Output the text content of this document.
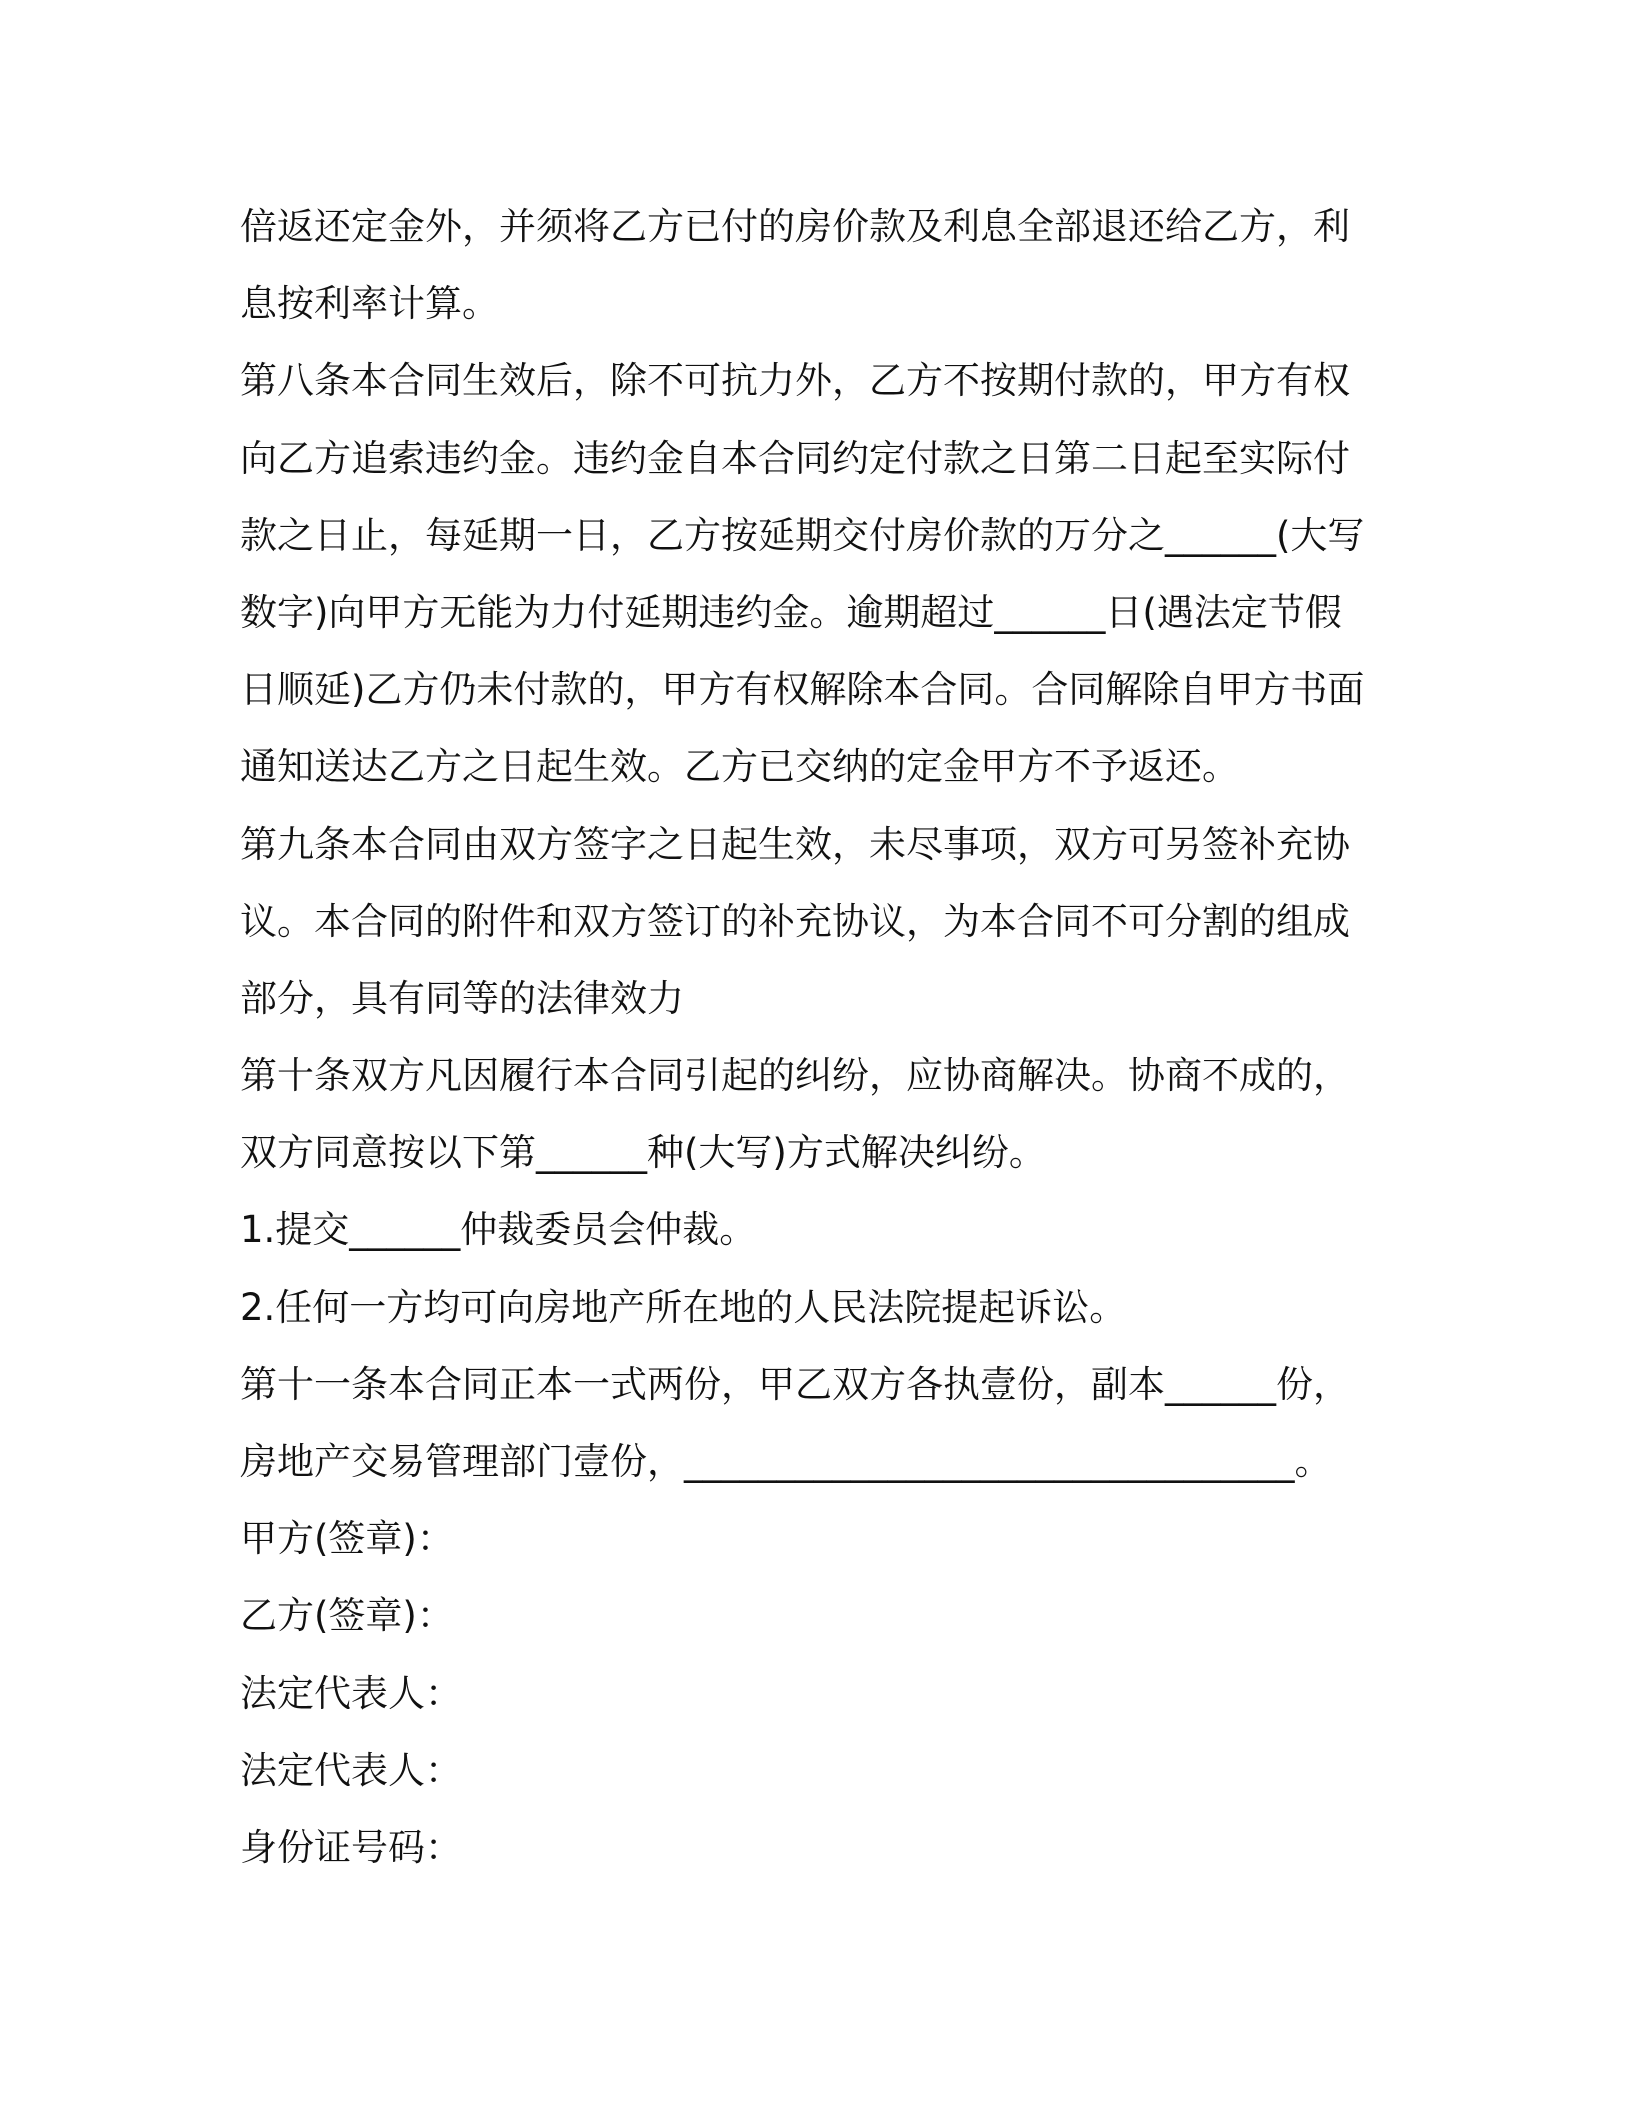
倍返还定金外，并须将乙方已付的房价款及利息全部退还给乙方，利
息按利率计算。
第八条本合同生效后，除不可抗力外，乙方不按期付款的，甲方有权
向乙方追索违约金。违约金自本合同约定付款之日第二日起至实际付
款之日止，每延期一日，乙方按延期交付房价款的万分之______(大写
数字)向甲方无能为力付延期违约金。逾期超过______日(遇法定节假
日顺延)乙方仍未付款的，甲方有权解除本合同。合同解除自甲方书面
通知送达乙方之日起生效。乙方已交纳的定金甲方不予返还。
第九条本合同由双方签字之日起生效，未尽事项，双方可另签补充协
议。本合同的附件和双方签订的补充协议，为本合同不可分割的组成
部分，具有同等的法律效力
第十条双方凡因履行本合同引起的纠纷，应协商解决。协商不成的，
双方同意按以下第______种(大写)方式解决纠纷。
1.提交______仲裁委员会仲裁。
2.任何一方均可向房地产所在地的人民法院提起诉讼。
第十一条本合同正本一式两份，甲乙双方各执壹份，副本______份，
房地产交易管理部门壹份，_________________________________。
甲方(签章)：
乙方(签章)：
法定代表人：
法定代表人：
身份证号码：
